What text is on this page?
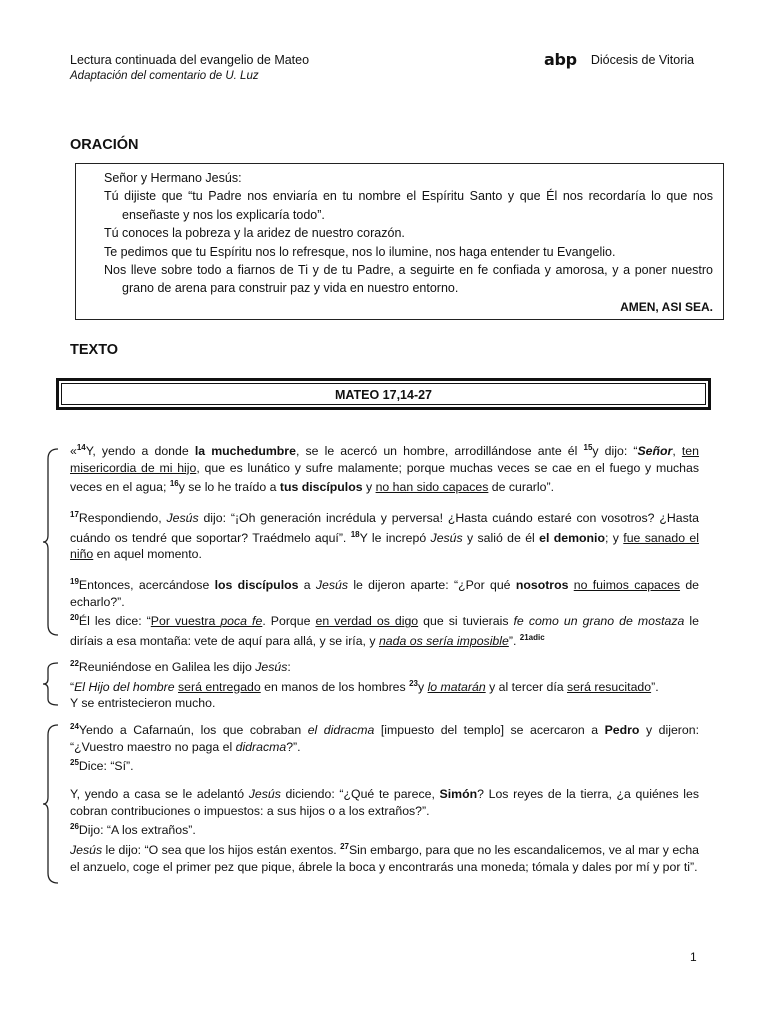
Lectura continuada del evangelio de Mateo
Adaptación del comentario de U. Luz
abp Diócesis de Vitoria
ORACIÓN

Señor y Hermano Jesús:

Tú dijiste que “tu Padre nos enviaría en tu nombre el Espíritu Santo y que Él nos recordaría lo que nos enseñaste y nos los explicaría todo”.

Tú conoces la pobreza y la aridez de nuestro corazón.

Te pedimos que tu Espíritu nos lo refresque, nos lo ilumine, nos haga entender tu Evangelio.

Nos lleve sobre todo a fiarnos de Ti y de tu Padre, a seguirte en fe confiada y amorosa, y a poner nuestro grano de arena para construir paz y vida en nuestro entorno.

AMEN, ASI SEA.

TEXTO
MATEO 17,14-27

«$^{14}$Y, yendo a donde la muchedumbre, se le acercó un hombre, arrodillándose ante él $^{15}$y dijo: “Señor, ten misericordia de mi hijo, que es lunático y sufre malamente; porque muchas veces se cae en el fuego y muchas veces en el agua; $^{16}$y se lo he traído a tus discípulos y no han sido capaces de curarlo”.

$^{17}$Respondiendo, Jesús dijo: “¡Oh generación incrédula y perversa! ¿Hasta cuándo estaré con vosotros? ¿Hasta cuándo os tendré que soportar? Traédmelo aquí”. $^{18}$Y le increpó Jesús y salió de él el demonio; y fue sanado el niño en aquel momento.

$^{19}$Entonces, acercándose los discípulos a Jesús le dijeron aparte: “¿Por qué nosotros no fuimos capaces de echarlo?”.

$^{20}$Él les dice: “Por vuestra poca fe. Porque en verdad os digo que si tuvierais fe como un grano de mostaza le diríais a esa montaña: vete de aquí para allá, y se iría, y nada os sería imposible”. $^{21adic}$

$^{22}$Reuniéndose en Galilea les dijo Jesús:

“El Hijo del hombre será entregado en manos de los hombres $^{23}$y lo matarán y al tercer día será resucitado”.

Y se entristecieron mucho.

$^{24}$Yendo a Cafarnaún, los que cobraban el didracma [impuesto del templo] se acercaron a Pedro y dijeron: “¿Vuestro maestro no paga el didracma?”.

$^{25}$Dice: “Sí”.

Y, yendo a casa se le adelantó Jesús diciendo: “¿Qué te parece, Simón? Los reyes de la tierra, ¿a quiénes les cobran contribuciones o impuestos: a sus hijos o a los extraños?”.

$^{26}$Dijo: “A los extraños”.

Jesús le dijo: “O sea que los hijos están exentos. $^{27}$Sin embargo, para que no les escandalicemos, ve al mar y echa el anzuelo, coge el primer pez que pique, ábrele la boca y encontrarás una moneda; tómala y dales por mí y por ti”.

1
